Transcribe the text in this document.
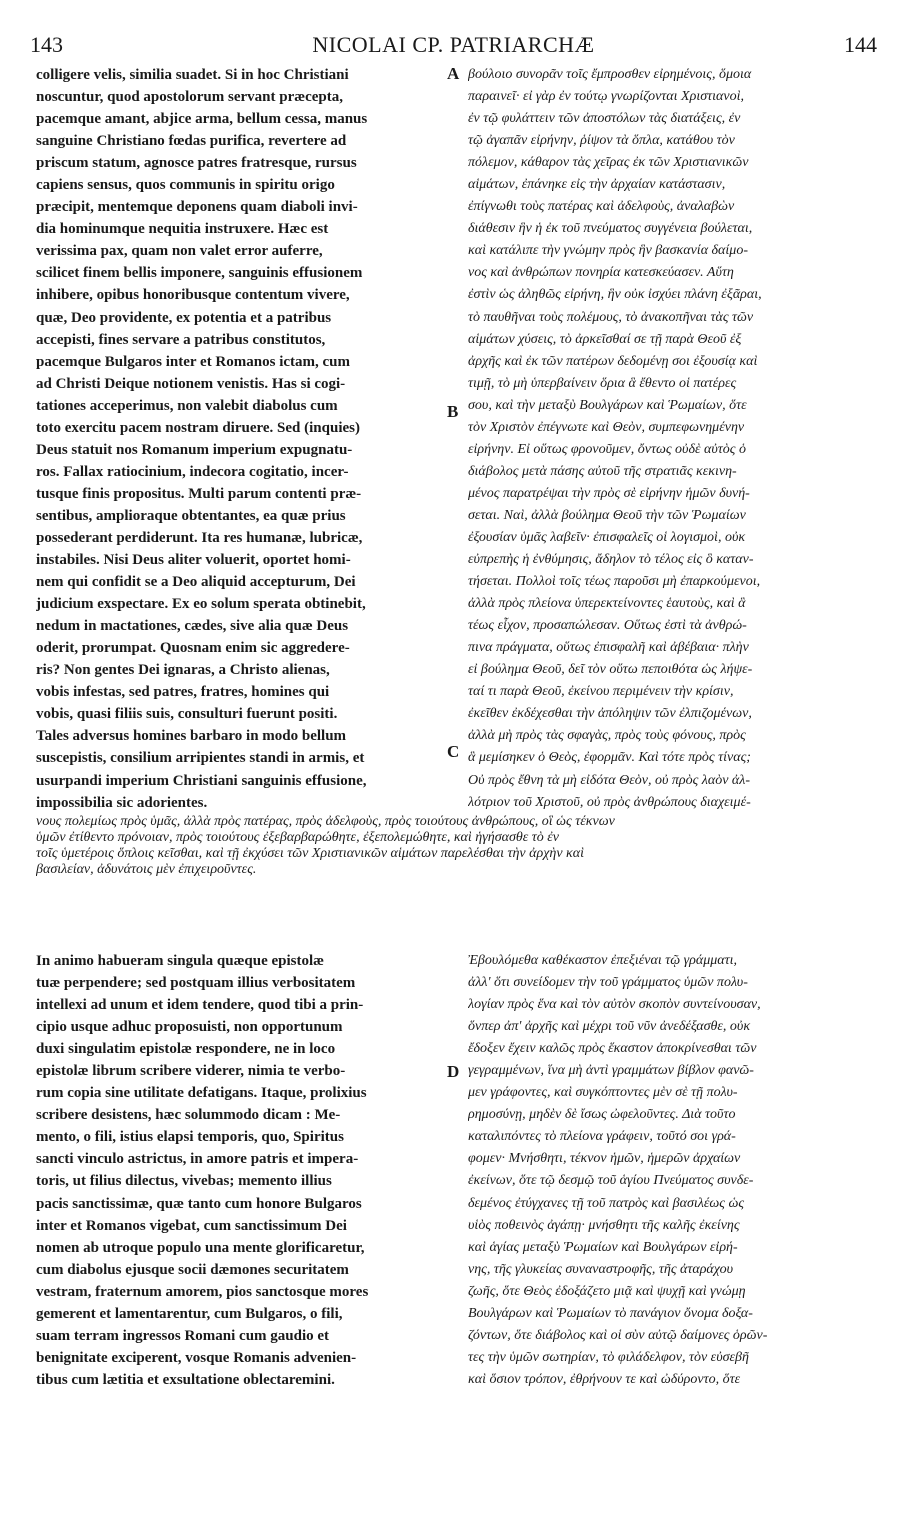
143	NICOLAI CP. PATRIARCHÆ	144
colligere velis, similia suadet. Si in hoc Christiani
noscuntur, quod apostolorum servant præcepta,
pacemque amant, abjice arma, bellum cessa, manus
sanguine Christiano fœdas purifica, revertere ad
priscum statum, agnosce patres fratresque, rursus
capiens sensus, quos communis in spiritu origo
præcipit, mentemque deponens quam diaboli invi-
dia hominumque nequitia instruxere. Hæc est
verissima pax, quam non valet error auferre,
scilicet finem bellis imponere, sanguinis effusionem
inhibere, opibus honoribusque contentum vivere,
quæ, Deo providente, ex potentia et a patribus
accepisti, fines servare a patribus constitutos,
pacemque Bulgaros inter et Romanos ictam, cum
ad Christi Deique notionem venistis. Has si cogi-
tationes acceperimus, non valebit diabolus cum
toto exercitu pacem nostram diruere. Sed (inquies)
Deus statuit nos Romanum imperium expugnatu-
ros. Fallax ratiocinium, indecora cogitatio, incer-
tusque finis propositus. Multi parum contenti præ-
sentibus, amplioraque obtentantes, ea quæ prius
possederant perdiderunt. Ita res humanæ, lubricæ,
instabiles. Nisi Deus aliter voluerit, oportet homi-
nem qui confidit se a Deo aliquid accepturum, Dei
judicium exspectare. Ex eo solum sperata obtinebit,
nedum in mactationes, cædes, sive alia quæ Deus
oderit, prorumpat. Quosnam enim sic aggredere-
ris? Non gentes Dei ignaras, a Christo alienas,
vobis infestas, sed patres, fratres, homines qui
vobis, quasi filiis suis, consulturi fuerunt positi.
Tales adversus homines barbaro in modo bellum
suscepistis, consilium arripientes standi in armis, et
usurpandi imperium Christiani sanguinis effusione,
impossibilia sic adorientes.
βούλοιο συνορᾶν τοῖς ἔμπροσθεν εἰρημένοις, ὅμοια
παραινεῖ· εἰ γὰρ ἐν τούτῳ γνωρίζονται Χριστιανοὶ,
ἐν τῷ φυλάττειν τῶν ἀποστόλων τὰς διατάξεις, ἐν
τῷ ἀγαπᾶν εἰρήνην, ῥίψον τὰ ὅπλα, κατάθου τὸν
πόλεμον, κάθαρον τὰς χεῖρας ἐκ τῶν Χριστιανικῶν
αἱμάτων, ἐπάνηκε εἰς τὴν ἀρχαίαν κατάστασιν,
ἐπίγνωθι τοὺς πατέρας καὶ ἀδελφοὺς, ἀναλαβὼν
διάθεσιν ἣν ἡ ἐκ τοῦ πνεύματος συγγένεια βούλεται,
καὶ κατάλιπε τὴν γνώμην πρὸς ἣν βασκανία δαίμο-
νος καὶ ἀνθρώπων πονηρία κατεσκεύασεν. Αὕτη
ἐστὶν ὡς ἀληθῶς εἰρήνη, ἣν οὐκ ἰσχύει πλάνη ἐξᾶραι,
τὸ παυθῆναι τοὺς πολέμους, τὸ ἀνακοπῆναι τὰς τῶν
αἱμάτων χύσεις, τὸ ἀρκεῖσθαί σε τῇ παρὰ Θεοῦ ἐξ
ἀρχῆς καὶ ἐκ τῶν πατέρων δεδομένῃ σοι ἐξουσίᾳ καὶ
τιμῇ, τὸ μὴ ὑπερβαίνειν ὅρια ἃ ἔθεντο οἱ πατέρες
σου, καὶ τὴν μεταξὺ Βουλγάρων καὶ Ῥωμαίων, ὅτε
τὸν Χριστὸν ἐπέγνωτε καὶ Θεὸν, συμπεφωνημένην
εἰρήνην. Εἰ οὕτως φρονοῦμεν, ὄντως οὐδὲ αὐτὸς ὁ
διάβολος μετὰ πάσης αὐτοῦ τῆς στρατιᾶς κεκινη-
μένος παρατρέψαι τὴν πρὸς σὲ εἰρήνην ἡμῶν δυνή-
σεται. Ναὶ, ἀλλὰ βούλημα Θεοῦ τὴν τῶν Ῥωμαίων
ἐξουσίαν ὑμᾶς λαβεῖν· ἐπισφαλεῖς οἱ λογισμοὶ, οὐκ
εὐπρεπὴς ἡ ἐνθύμησις, ἄδηλον τὸ τέλος εἰς ὃ καταν-
τήσεται. Πολλοὶ τοῖς τέως παροῦσι μὴ ἐπαρκούμενοι,
ἀλλὰ πρὸς πλείονα ὑπερεκτείνοντες ἑαυτοὺς, καὶ ἃ
τέως εἶχον, προσαπώλεσαν. Οὕτως ἐστὶ τὰ ἀνθρώ-
πινα πράγματα, οὕτως ἐπισφαλῆ καὶ ἀβέβαια· πλὴν
εἰ βούλημα Θεοῦ, δεῖ τὸν οὕτω πεποιθότα ὡς λήψε-
ταί τι παρὰ Θεοῦ, ἐκείνου περιμένειν τὴν κρίσιν,
ἐκεῖθεν ἐκδέχεσθαι τὴν ἀπόληψιν τῶν ἐλπιζομένων,
ἀλλὰ μὴ πρὸς τὰς σφαγὰς, πρὸς τοὺς φόνους, πρὸς
ἃ μεμίσηκεν ὁ Θεὸς, ἐφορμᾶν. Καὶ τότε πρὸς τίνας;
Οὐ πρὸς ἔθνη τὰ μὴ εἰδότα Θεὸν, οὐ πρὸς λαὸν ἀλ-
λότριον τοῦ Χριστοῦ, οὐ πρὸς ἀνθρώπους διαχειμέ-
νους πολεμίως πρὸς ὑμᾶς, ἀλλὰ πρὸς πατέρας, πρὸς ἀδελφοὺς, πρὸς τοιούτους ἀνθρώπους, οἳ ὡς τέκνων
ὑμῶν ἐτίθεντο πρόνοιαν, πρὸς τοιούτους ἐξεβαρβαρώθητε, ἐξεπολεμώθητε, καὶ ἡγήσασθε τὸ ἐν
τοῖς ὑμετέροις ὅπλοις κεῖσθαι, καὶ τῇ ἐκχύσει τῶν Χριστιανικῶν αἱμάτων παρελέσθαι τὴν ἀρχὴν καὶ
βασιλείαν, ἀδυνάτοις μὲν ἐπιχειροῦντες.
In animo habueram singula quæque epistolæ
tuæ perpendere; sed postquam illius verbositatem
intellexi ad unum et idem tendere, quod tibi a prin-
cipio usque adhuc proposuisti, non opportunum
duxi singulatim epistolæ respondere, ne in loco
epistolæ librum scribere viderer, nimia te verbo-
rum copia sine utilitate defatigans. Itaque, prolixius
scribere desistens, hæc solummodo dicam : Me-
mento, o fili, istius elapsi temporis, quo, Spiritus
sancti vinculo astrictus, in amore patris et impera-
toris, ut filius dilectus, vivebas; memento illius
pacis sanctissimæ, quæ tanto cum honore Bulgaros
inter et Romanos vigebat, cum sanctissimum Dei
nomen ab utroque populo una mente glorificaretur,
cum diabolus ejusque socii dæmones securitatem
vestram, fraternum amorem, pios sanctosque mores
gemerent et lamentarentur, cum Bulgaros, o fili,
suam terram ingressos Romani cum gaudio et
benignitate exciperent, vosque Romanis advenien-
tibus cum lætitia et exsultatione oblectaremini.
Ἐβουλόμεθα καθέκαστον ἐπεξιέναι τῷ γράμματι,
ἀλλ' ὅτι συνείδομεν τὴν τοῦ γράμματος ὑμῶν πολυ-
λογίαν πρὸς ἕνα καὶ τὸν αὐτὸν σκοπὸν συντείνουσαν,
ὅνπερ ἀπ' ἀρχῆς καὶ μέχρι τοῦ νῦν ἀνεδέξασθε, οὐκ
ἔδοξεν ἔχειν καλῶς πρὸς ἕκαστον ἀποκρίνεσθαι τῶν
γεγραμμένων, ἵνα μὴ ἀντὶ γραμμάτων βίβλον φανῶ-
μεν γράφοντες, καὶ συγκόπτοντες μὲν σὲ τῇ πολυ-
ρημοσύνῃ, μηδὲν δὲ ἴσως ὠφελοῦντες. Διὰ τοῦτο
καταλιπόντες τὸ πλείονα γράφειν, τοῦτό σοι γρά-
φομεν· Μνήσθητι, τέκνον ἡμῶν, ἡμερῶν ἀρχαίων
ἐκείνων, ὅτε τῷ δεσμῷ τοῦ ἁγίου Πνεύματος συνδε-
δεμένος ἐτύγχανες τῇ τοῦ πατρὸς καὶ βασιλέως ὡς
υἱὸς ποθεινὸς ἀγάπῃ· μνήσθητι τῆς καλῆς ἐκείνης
καὶ ἁγίας μεταξὺ Ῥωμαίων καὶ Βουλγάρων εἰρή-
νης, τῆς γλυκείας συναναστροφῆς, τῆς ἀταράχου
ζωῆς, ὅτε Θεὸς ἐδοξάζετο μιᾷ καὶ ψυχῇ καὶ γνώμῃ
Βουλγάρων καὶ Ῥωμαίων τὸ πανάγιον ὄνομα δοξα-
ζόντων, ὅτε διάβολος καὶ οἱ σὺν αὐτῷ δαίμονες ὁρῶν-
τες τὴν ὑμῶν σωτηρίαν, τὸ φιλάδελφον, τὸν εὐσεβῆ
καὶ ὅσιον τρόπον, ἐθρήνουν τε καὶ ὠδύροντο, ὅτε
A
B
C
D
